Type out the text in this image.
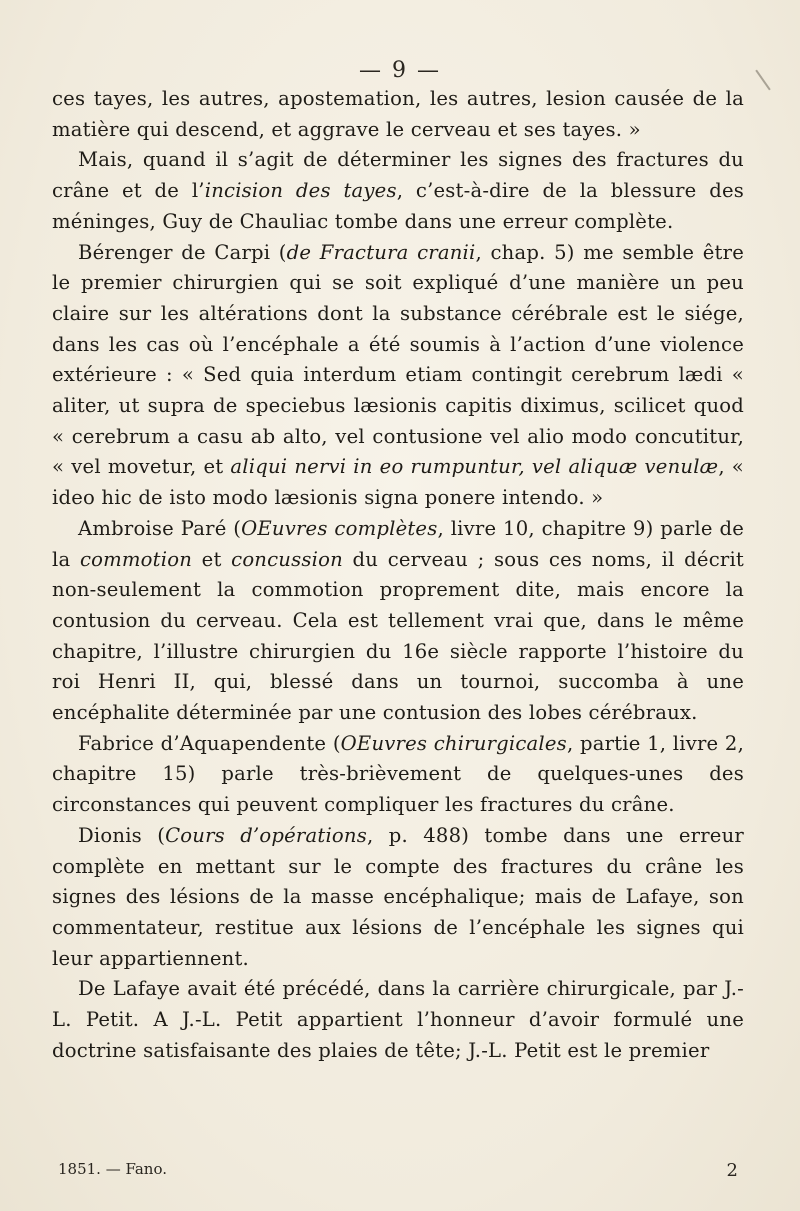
— 9 —

ces tayes, les autres, apostemation, les autres, lesion causée de la matière qui descend, et aggrave le cerveau et ses tayes. »

Mais, quand il s’agit de déterminer les signes des fractures du crâne et de l’incision des tayes, c’est-à-dire de la blessure des méninges, Guy de Chauliac tombe dans une erreur complète.

Bérenger de Carpi (de Fractura cranii, chap. 5) me semble être le premier chirurgien qui se soit expliqué d’une manière un peu claire sur les altérations dont la substance cérébrale est le siége, dans les cas où l’encéphale a été soumis à l’action d’une violence extérieure : « Sed quia interdum etiam contingit cerebrum lædi « aliter, ut supra de speciebus læsionis capitis diximus, scilicet quod « cerebrum a casu ab alto, vel contusione vel alio modo concutitur, « vel movetur, et aliqui nervi in eo rumpuntur, vel aliquæ venulæ, « ideo hic de isto modo læsionis signa ponere intendo. »

Ambroise Paré (OEuvres complètes, livre 10, chapitre 9) parle de la commotion et concussion du cerveau ; sous ces noms, il décrit non-seulement la commotion proprement dite, mais encore la contusion du cerveau. Cela est tellement vrai que, dans le même chapitre, l’illustre chirurgien du 16e siècle rapporte l’histoire du roi Henri II, qui, blessé dans un tournoi, succomba à une encéphalite déterminée par une contusion des lobes cérébraux.

Fabrice d’Aquapendente (OEuvres chirurgicales, partie 1, livre 2, chapitre 15) parle très-brièvement de quelques-unes des circonstances qui peuvent compliquer les fractures du crâne.

Dionis (Cours d’opérations, p. 488) tombe dans une erreur complète en mettant sur le compte des fractures du crâne les signes des lésions de la masse encéphalique; mais de Lafaye, son commentateur, restitue aux lésions de l’encéphale les signes qui leur appartiennent.

De Lafaye avait été précédé, dans la carrière chirurgicale, par J.-L. Petit. A J.-L. Petit appartient l’honneur d’avoir formulé une doctrine satisfaisante des plaies de tête; J.-L. Petit est le premier

1851. — Fano.	2
